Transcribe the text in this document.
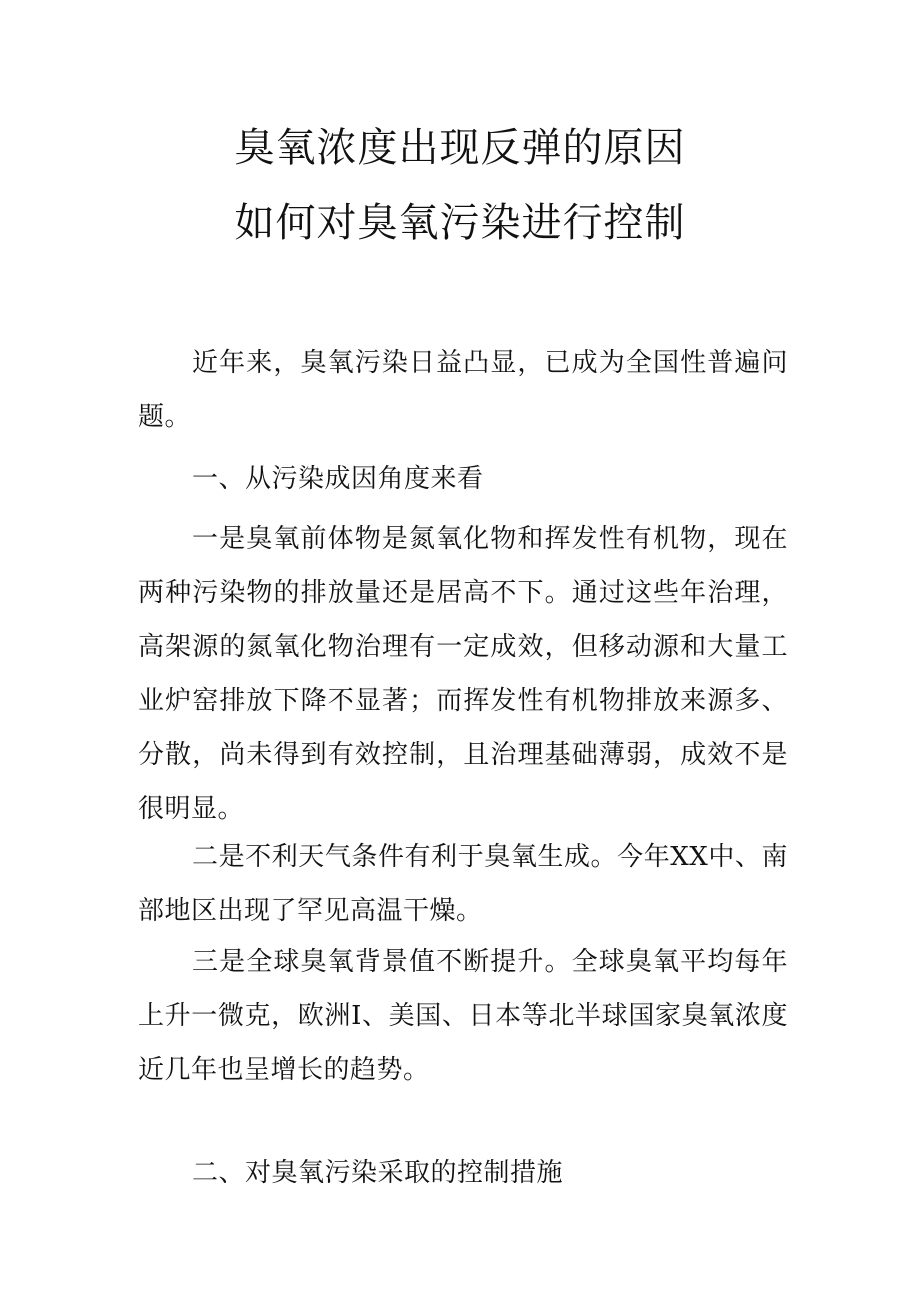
臭氧浓度出现反弹的原因
如何对臭氧污染进行控制

近年来，臭氧污染日益凸显，已成为全国性普遍问题。

一、从污染成因角度来看

一是臭氧前体物是氮氧化物和挥发性有机物，现在两种污染物的排放量还是居高不下。通过这些年治理，高架源的氮氧化物治理有一定成效，但移动源和大量工业炉窑排放下降不显著；而挥发性有机物排放来源多、分散，尚未得到有效控制，且治理基础薄弱，成效不是很明显。

二是不利天气条件有利于臭氧生成。今年XX中、南部地区出现了罕见高温干燥。

三是全球臭氧背景值不断提升。全球臭氧平均每年上升一微克，欧洲I、美国、日本等北半球国家臭氧浓度近几年也呈增长的趋势。

二、对臭氧污染采取的控制措施
